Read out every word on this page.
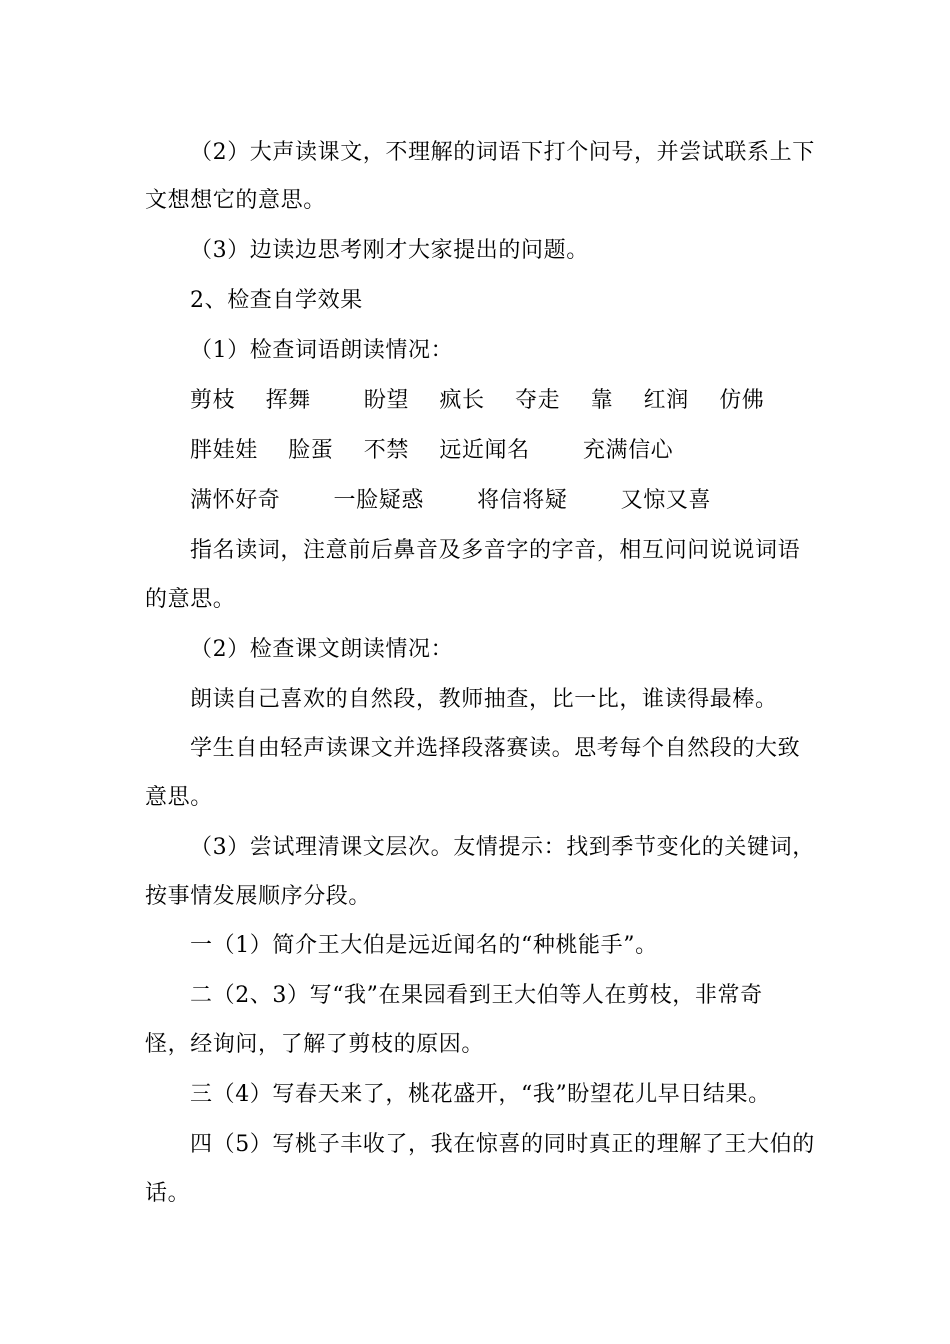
（2）大声读课文，不理解的词语下打个问号，并尝试联系上下
文想想它的意思。
（3）边读边思考刚才大家提出的问题。
2、检查自学效果
（1）检查词语朗读情况：
剪枝    挥舞       盼望    疯长    夺走    靠    红润    仿佛
胖娃娃    脸蛋    不禁    远近闻名       充满信心
满怀好奇       一脸疑惑       将信将疑       又惊又喜
指名读词，注意前后鼻音及多音字的字音，相互问问说说词语
的意思。
（2）检查课文朗读情况：
朗读自己喜欢的自然段，教师抽查，比一比，谁读得最棒。
学生自由轻声读课文并选择段落赛读。思考每个自然段的大致
意思。
（3）尝试理清课文层次。友情提示：找到季节变化的关键词，
按事情发展顺序分段。
一（1）简介王大伯是远近闻名的“种桃能手”。
二（2、3）写“我”在果园看到王大伯等人在剪枝，非常奇
怪，经询问，了解了剪枝的原因。
三（4）写春天来了，桃花盛开，“我”盼望花儿早日结果。
四（5）写桃子丰收了，我在惊喜的同时真正的理解了王大伯的
话。
